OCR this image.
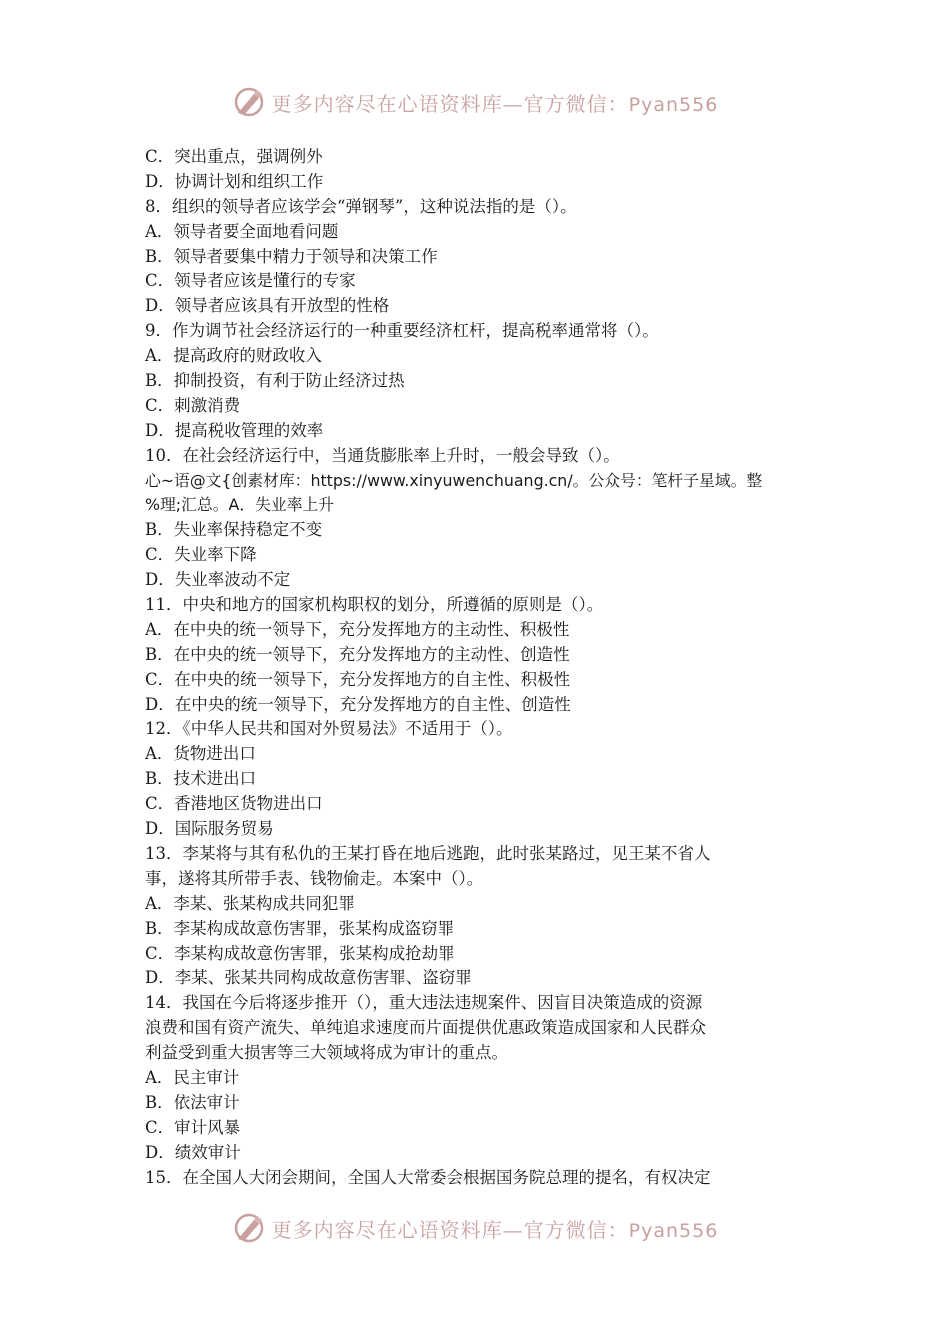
更多内容尽在心语资料库—官方微信：Pyan556
C．突出重点，强调例外
D．协调计划和组织工作
8．组织的领导者应该学会“弹钢琴”，这种说法指的是（）。
A．领导者要全面地看问题
B．领导者要集中精力于领导和决策工作
C．领导者应该是懂行的专家
D．领导者应该具有开放型的性格
9．作为调节社会经济运行的一种重要经济杠杆，提高税率通常将（）。
A．提高政府的财政收入
B．抑制投资，有利于防止经济过热
C．刺激消费
D．提高税收管理的效率
10．在社会经济运行中，当通货膨胀率上升时，一般会导致（）。
心~语@文{创素材库：https://www.xinyuwenchuang.cn/。公众号：笔杆子星域。整
%理;汇总。A．失业率上升
B．失业率保持稳定不变
C．失业率下降
D．失业率波动不定
11．中央和地方的国家机构职权的划分，所遵循的原则是（）。
A．在中央的统一领导下，充分发挥地方的主动性、积极性
B．在中央的统一领导下，充分发挥地方的主动性、创造性
C．在中央的统一领导下，充分发挥地方的自主性、积极性
D．在中央的统一领导下，充分发挥地方的自主性、创造性
12．《中华人民共和国对外贸易法》不适用于（）。
A．货物进出口
B．技术进出口
C．香港地区货物进出口
D．国际服务贸易
13．李某将与其有私仇的王某打昏在地后逃跑，此时张某路过，见王某不省人
事，遂将其所带手表、钱物偷走。本案中（）。
A．李某、张某构成共同犯罪
B．李某构成故意伤害罪，张某构成盗窃罪
C．李某构成故意伤害罪，张某构成抢劫罪
D．李某、张某共同构成故意伤害罪、盗窃罪
14．我国在今后将逐步推开（），重大违法违规案件、因盲目决策造成的资源
浪费和国有资产流失、单纯追求速度而片面提供优惠政策造成国家和人民群众
利益受到重大损害等三大领域将成为审计的重点。
A．民主审计
B．依法审计
C．审计风暴
D．绩效审计
15．在全国人大闭会期间，全国人大常委会根据国务院总理的提名，有权决定
更多内容尽在心语资料库—官方微信：Pyan556
